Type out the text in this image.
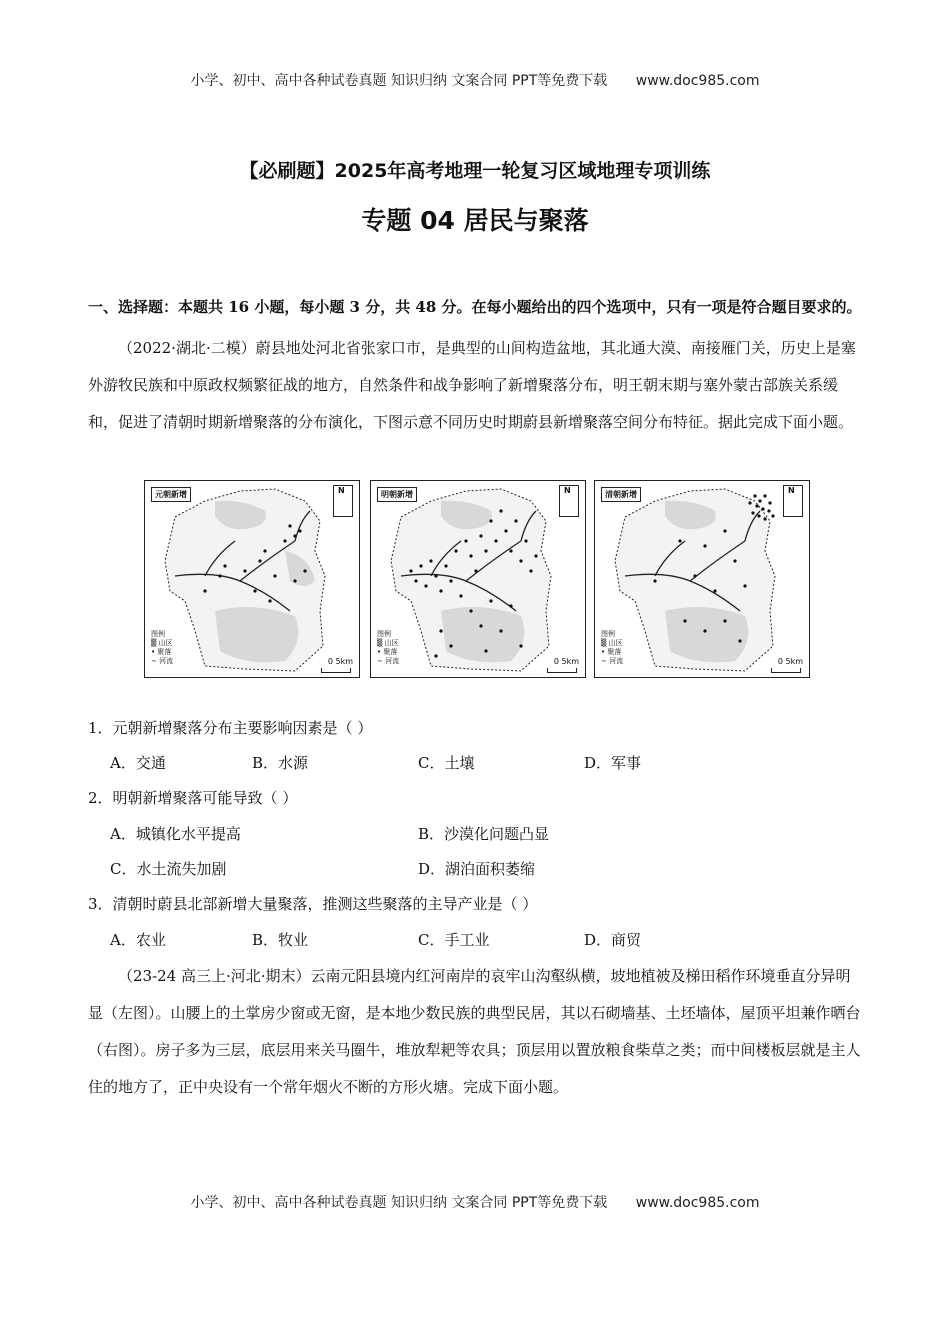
小学、初中、高中各种试卷真题 知识归纳 文案合同 PPT等免费下载 www.doc985.com
【必刷题】2025年高考地理一轮复习区域地理专项训练
专题 04 居民与聚落

一、选择题：本题共 16 小题，每小题 3 分，共 48 分。在每小题给出的四个选项中，只有一项是符合题目要求的。

（2022·湖北·二模）蔚县地处河北省张家口市，是典型的山间构造盆地，其北通大漠、南接雁门关，历史上是塞外游牧民族和中原政权频繁征战的地方，自然条件和战争影响了新增聚落分布，明王朝末期与塞外蒙古部族关系缓和，促进了清朝时期新增聚落的分布演化，下图示意不同历史时期蔚县新增聚落空间分布特征。据此完成下面小题。

元朝新增	N
图例
▒ 山区
• 聚落
∼ 河流	0 5km
明朝新增	N
图例
▒ 山区
• 聚落
∼ 河流	0 5km
清朝新增	N
图例
▒ 山区
• 聚落
∼ 河流	0 5km
1．元朝新增聚落分布主要影响因素是（ ）
A．交通	B．水源	C．土壤	D．军事
2．明朝新增聚落可能导致（ ）
A．城镇化水平提高	B．沙漠化问题凸显
C．水土流失加剧	D．湖泊面积萎缩
3．清朝时蔚县北部新增大量聚落，推测这些聚落的主导产业是（ ）
A．农业	B．牧业	C．手工业	D．商贸

（23-24 高三上·河北·期末）云南元阳县境内红河南岸的哀牢山沟壑纵横，坡地植被及梯田稻作环境垂直分异明显（左图）。山腰上的土掌房少窗或无窗，是本地少数民族的典型民居，其以石砌墙基、土坯墙体，屋顶平坦兼作晒台（右图）。房子多为三层，底层用来关马圈牛，堆放犁耙等农具；顶层用以置放粮食柴草之类；而中间楼板层就是主人住的地方了，正中央设有一个常年烟火不断的方形火塘。完成下面小题。

小学、初中、高中各种试卷真题 知识归纳 文案合同 PPT等免费下载 www.doc985.com
